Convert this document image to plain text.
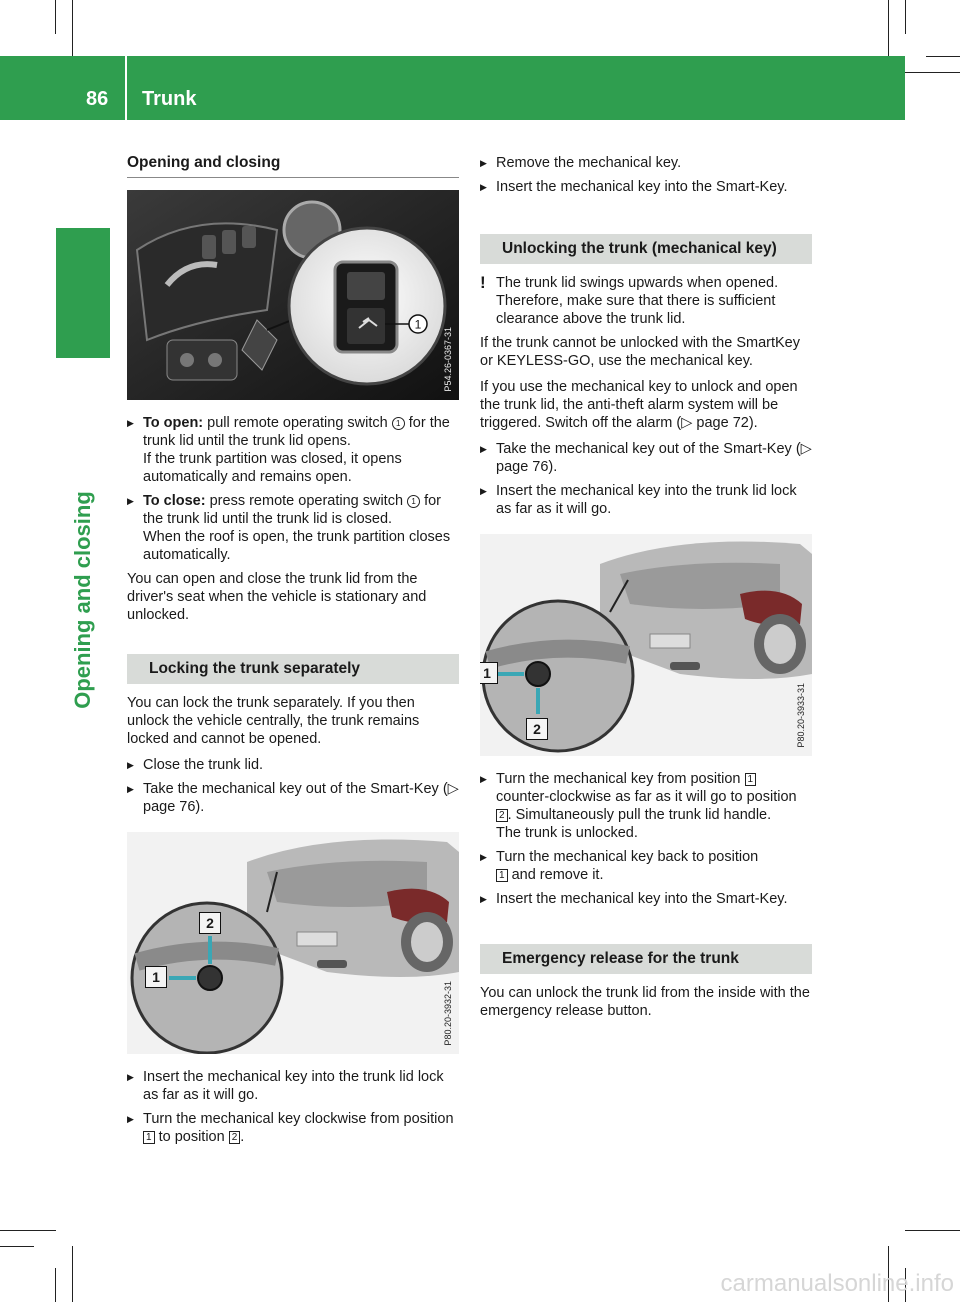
86 Trunk
Opening and closing
Opening and closing
1
P54.26-0367-31
▶ To open: pull remote operating switch 1 for the trunk lid until the trunk lid opens.
If the trunk partition was closed, it opens automatically and remains open.
▶ To close: press remote operating switch 1 for the trunk lid until the trunk lid is closed.
When the roof is open, the trunk partition closes automatically.

You can open and close the trunk lid from the driver's seat when the vehicle is stationary and unlocked.

Locking the trunk separately

You can lock the trunk separately. If you then unlock the vehicle centrally, the trunk remains locked and cannot be opened.

▶ Close the trunk lid.
▶ Take the mechanical key out of the Smart-Key (▷ page 76).
2
1
P80.20-3932-31
▶ Insert the mechanical key into the trunk lid lock as far as it will go.
▶ Turn the mechanical key clockwise from position 1 to position 2 .
▶ Remove the mechanical key.
▶ Insert the mechanical key into the Smart-Key.
Unlocking the trunk (mechanical key)
! The trunk lid swings upwards when opened. Therefore, make sure that there is sufficient clearance above the trunk lid.

If the trunk cannot be unlocked with the SmartKey or KEYLESS-GO, use the mechanical key.

If you use the mechanical key to unlock and open the trunk lid, the anti-theft alarm system will be triggered. Switch off the alarm (▷ page 72).

▶ Take the mechanical key out of the Smart-Key (▷ page 76).
▶ Insert the mechanical key into the trunk lid lock as far as it will go.
1
2	P80.20-3933-31
▶ Turn the mechanical key from position 1 counter-clockwise as far as it will go to position 2 . Simultaneously pull the trunk lid handle.
The trunk is unlocked.
▶ Turn the mechanical key back to position
1 and remove it.
▶ Insert the mechanical key into the Smart-Key.
Emergency release for the trunk

You can unlock the trunk lid from the inside with the emergency release button.

carmanualsonline.info
